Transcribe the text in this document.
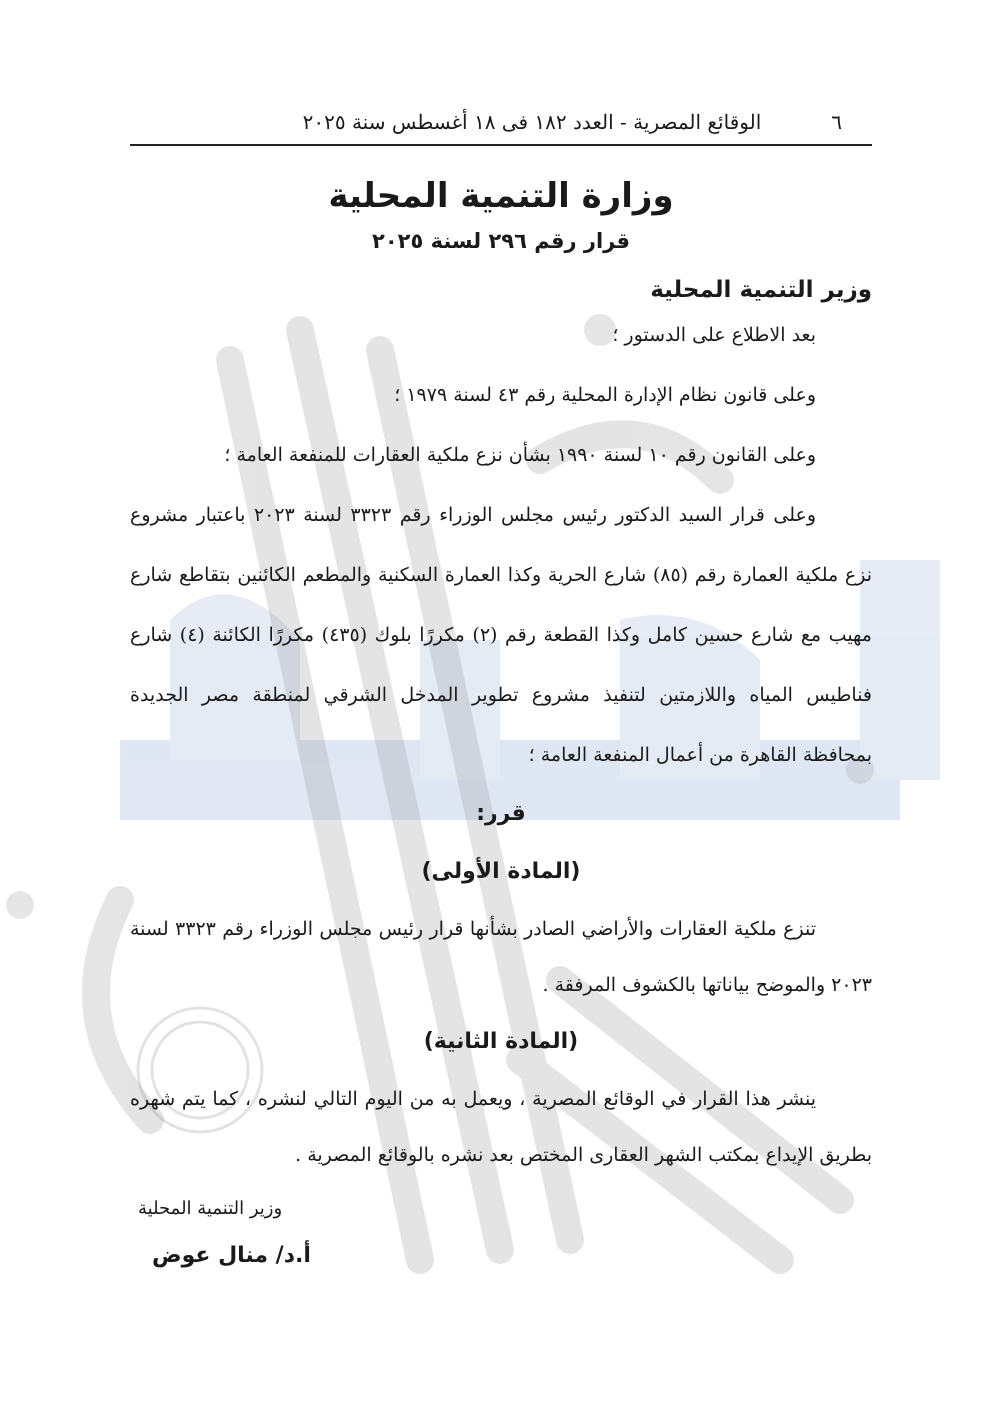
٦
الوقائع المصرية - العدد ١٨٢ فى ١٨ أغسطس سنة ٢٠٢٥
وزارة التنمية المحلية
قرار رقم ٢٩٦ لسنة ٢٠٢٥
وزير التنمية المحلية

بعد الاطلاع على الدستور ؛

وعلى قانون نظام الإدارة المحلية رقم ٤٣ لسنة ١٩٧٩ ؛

وعلى القانون رقم ١٠ لسنة ١٩٩٠ بشأن نزع ملكية العقارات للمنفعة العامة ؛

وعلى قرار السيد الدكتور رئيس مجلس الوزراء رقم ٣٣٢٣ لسنة ٢٠٢٣ باعتبار مشروع نزع ملكية العمارة رقم (٨٥) شارع الحرية وكذا العمارة السكنية والمطعم الكائنين بتقاطع شارع مهيب مع شارع حسين كامل وكذا القطعة رقم (٢) مكررًا بلوك (٤٣٥) مكررًا الكائنة (٤) شارع فناطيس المياه واللازمتين لتنفيذ مشروع تطوير المدخل الشرقي لمنطقة مصر الجديدة بمحافظة القاهرة من أعمال المنفعة العامة ؛

قرر:
(المادة الأولى)

تنزع ملكية العقارات والأراضي الصادر بشأنها قرار رئيس مجلس الوزراء رقم ٣٣٢٣ لسنة ٢٠٢٣ والموضح بياناتها بالكشوف المرفقة .

(المادة الثانية)

ينشر هذا القرار في الوقائع المصرية ، ويعمل به من اليوم التالي لنشره ، كما يتم شهره بطريق الإيداع بمكتب الشهر العقارى المختص بعد نشره بالوقائع المصرية .

وزير التنمية المحلية
أ.د/ منال عوض
